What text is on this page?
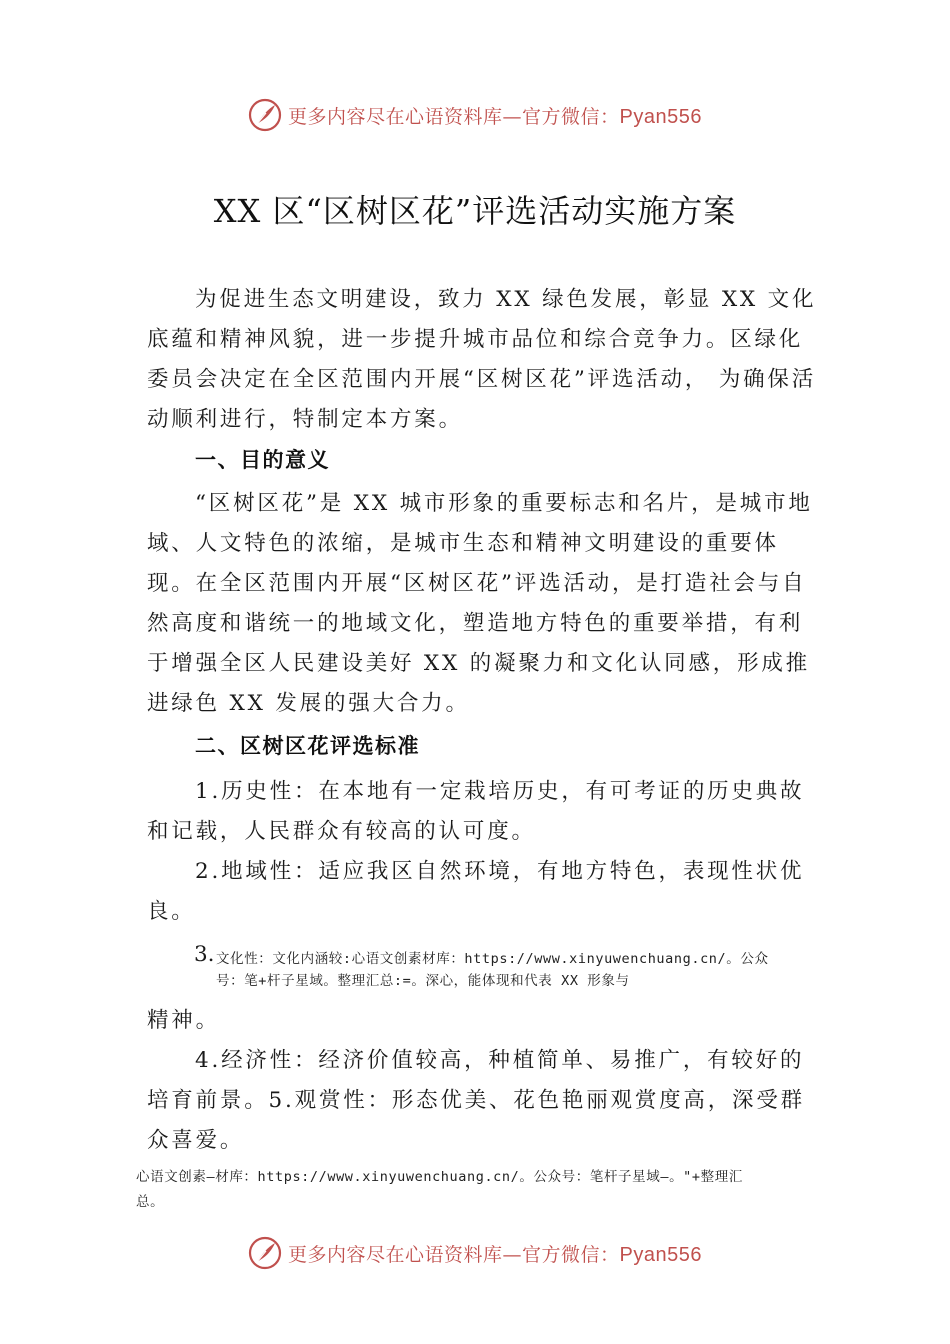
更多内容尽在心语资料库—官方微信：Pyan556
XX 区“区树区花”评选活动实施方案

为促进生态文明建设，致力 XX 绿色发展，彰显 XX 文化底蕴和精神风貌，进一步提升城市品位和综合竞争力。区绿化委员会决定在全区范围内开展“区树区花”评选活动， 为确保活动顺利进行，特制定本方案。

一、目的意义

“区树区花”是 XX 城市形象的重要标志和名片，是城市地域、人文特色的浓缩，是城市生态和精神文明建设的重要体现。在全区范围内开展“区树区花”评选活动，是打造社会与自然高度和谐统一的地域文化，塑造地方特色的重要举措，有利于增强全区人民建设美好 XX 的凝聚力和文化认同感，形成推进绿色 XX 发展的强大合力。

二、区树区花评选标准

1.历史性：在本地有一定栽培历史，有可考证的历史典故和记载，人民群众有较高的认可度。

2.地域性：适应我区自然环境，有地方特色，表现性状优良。

3. 文化性：文化内涵较:心语文创素材库：https://www.xinyuwenchuang.cn/。公众
号：笔+杆子星域。整理汇总:=。深心，能体现和代表 XX 形象与
精神。
4.经济性：经济价值较高，种植简单、易推广，有较好的
培育前景。5.观赏性：形态优美、花色艳丽观赏度高，深受群
众喜爱。
心语文创素—材库：https://www.xinyuwenchuang.cn/。公众号：笔杆子星域—。"+整理汇
总。
更多内容尽在心语资料库—官方微信：Pyan556
